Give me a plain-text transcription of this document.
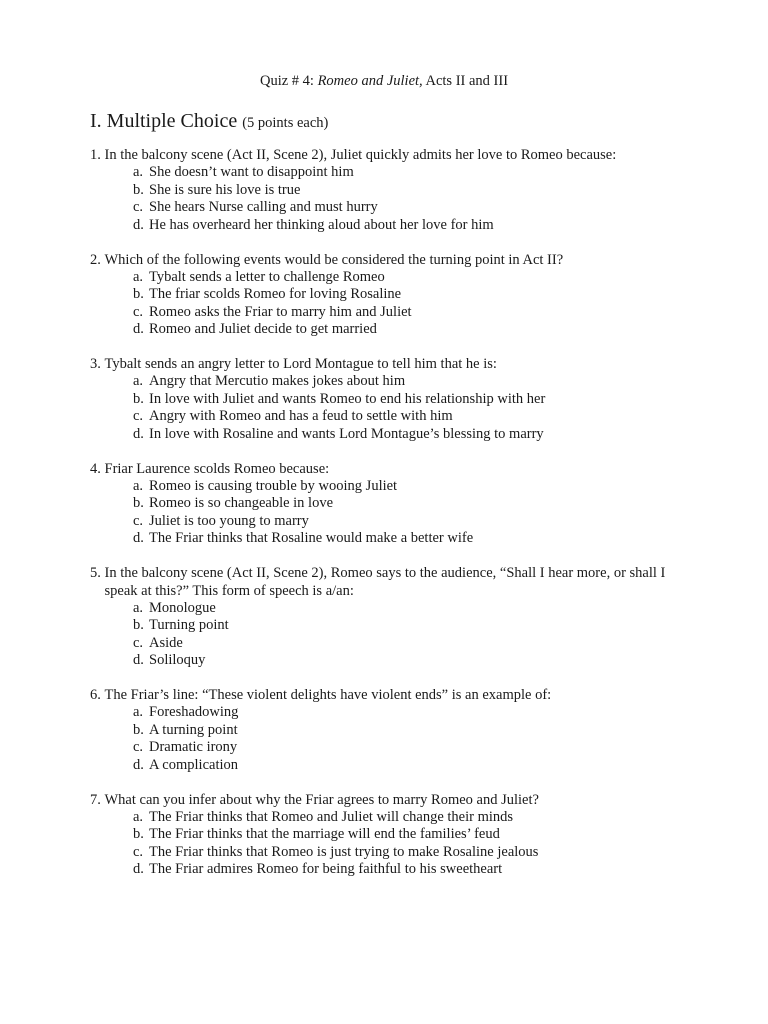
Quiz # 4: Romeo and Juliet, Acts II and III
I. Multiple Choice (5 points each)
1. In the balcony scene (Act II, Scene 2), Juliet quickly admits her love to Romeo because:
a. She doesn’t want to disappoint him
b. She is sure his love is true
c. She hears Nurse calling and must hurry
d. He has overheard her thinking aloud about her love for him
2. Which of the following events would be considered the turning point in Act II?
a. Tybalt sends a letter to challenge Romeo
b. The friar scolds Romeo for loving Rosaline
c. Romeo asks the Friar to marry him and Juliet
d. Romeo and Juliet decide to get married
3. Tybalt sends an angry letter to Lord Montague to tell him that he is:
a. Angry that Mercutio makes jokes about him
b. In love with Juliet and wants Romeo to end his relationship with her
c. Angry with Romeo and has a feud to settle with him
d. In love with Rosaline and wants Lord Montague’s blessing to marry
4. Friar Laurence scolds Romeo because:
a. Romeo is causing trouble by wooing Juliet
b. Romeo is so changeable in love
c. Juliet is too young to marry
d. The Friar thinks that Rosaline would make a better wife
5. In the balcony scene (Act II, Scene 2), Romeo says to the audience, “Shall I hear more, or shall I speak at this?” This form of speech is a/an:
a. Monologue
b. Turning point
c. Aside
d. Soliloquy
6. The Friar’s line: “These violent delights have violent ends” is an example of:
a. Foreshadowing
b. A turning point
c. Dramatic irony
d. A complication
7. What can you infer about why the Friar agrees to marry Romeo and Juliet?
a. The Friar thinks that Romeo and Juliet will change their minds
b. The Friar thinks that the marriage will end the families’ feud
c. The Friar thinks that Romeo is just trying to make Rosaline jealous
d. The Friar admires Romeo for being faithful to his sweetheart
